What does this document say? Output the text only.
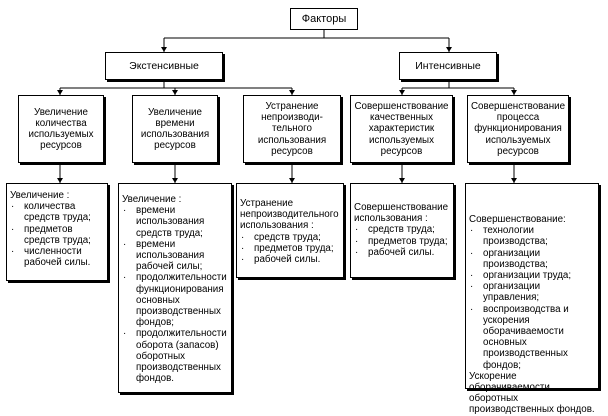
Факторы
Экстенсивные	Интенсивные
Увеличение
количества
используемых
ресурсов
Увеличение
времени
использования
ресурсов
Устранение
непроизводи-
тельного
использования
ресурсов
Совершенствование
качественных
характеристик
используемых
ресурсов
Совершенствование
процесса
функционирования
используемых
ресурсов
Увеличение :
· количества средств труда;
· предметов средств труда;
· численности рабочей силы.
Увеличение :
· времени использования средств труда;
· времени использования рабочей силы;
· продолжительности функционирования основных производственных фондов;
· продолжительности оборота (запасов) оборотных производственных фондов.
Устранение
непроизводительного
использования :
· средств труда;
· предметов труда;
· рабочей силы.
Совершенствование
использования :
· средств труда;
· предметов труда;
· рабочей силы.
Совершенствование:
· технологии производства;
· организации производства;
· организации труда;
· организации управления;
· воспроизводства и ускорения оборачиваемости основных производственных фондов;
Ускорение оборачиваемости оборотных производственных фондов.
